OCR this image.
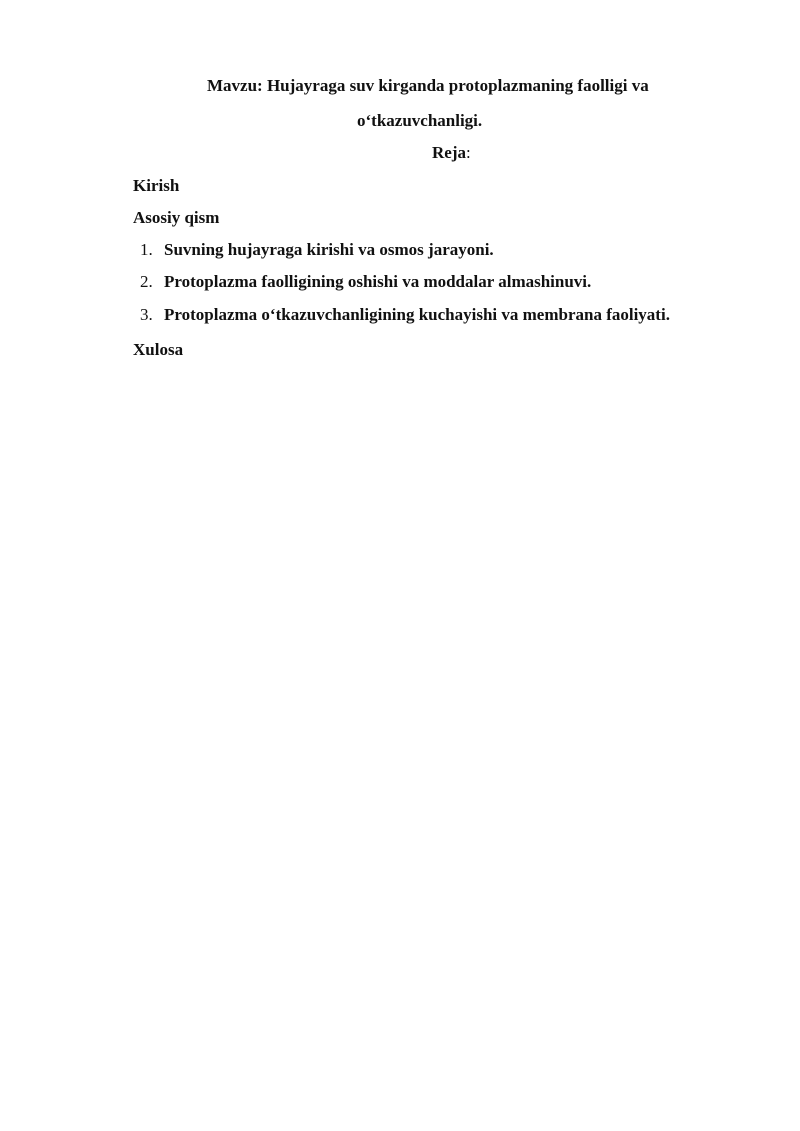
Mavzu: Hujayraga suv kirganda protoplazmaning faolligi va
o‘tkazuvchanligi.
Reja:
Kirish
Asosiy qism
1. Suvning hujayraga kirishi va osmos jarayoni.
2. Protoplazma faolligining oshishi va moddalar almashinuvi.
3. Protoplazma o‘tkazuvchanligining kuchayishi va membrana faoliyati.
Xulosa
